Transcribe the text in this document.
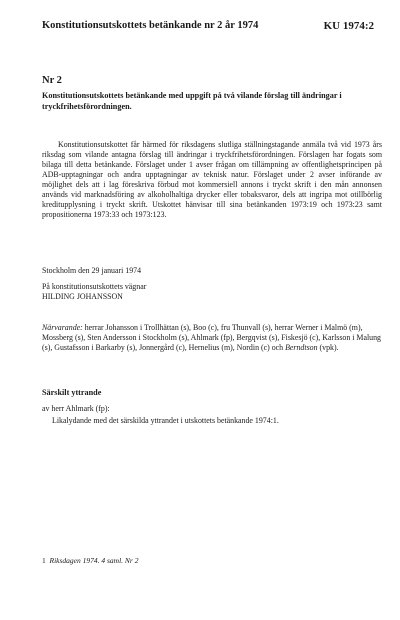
Konstitutionsutskottets betänkande nr 2 år 1974	KU 1974:2
Nr 2
Konstitutionsutskottets betänkande med uppgift på två vilande förslag till ändringar i tryckfrihetsförordningen.

Konstitutionsutskottet får härmed för riksdagens slutliga ställningstagande anmäla två vid 1973 års riksdag som vilande antagna förslag till ändringar i tryckfrihetsförordningen. Förslagen har fogats som bilaga till detta betänkande. Förslaget under 1 avser frågan om tillämpning av offentlighetsprincipen på ADB-upptagningar och andra upptagningar av teknisk natur. Förslaget under 2 avser införande av möjlighet dels att i lag föreskriva förbud mot kommersiell annons i tryckt skrift i den mån annonsen används vid marknadsföring av alkoholhaltiga drycker eller tobaksvaror, dels att ingripa mot otillbörlig kreditupplysning i tryckt skrift. Utskottet hänvisar till sina betänkanden 1973:19 och 1973:23 samt propositionerna 1973:33 och 1973:123.

Stockholm den 29 januari 1974
På konstitutionsutskottets vägnar
HILDING JOHANSSON
Närvarande: herrar Johansson i Trollhättan (s), Boo (c), fru Thunvall (s), herrar Werner i Malmö (m), Mossberg (s), Sten Andersson i Stockholm (s), Ahlmark (fp), Bergqvist (s), Fiskesjö (c), Karlsson i Malung (s), Gustafsson i Barkarby (s), Jonnergård (c), Hernelius (m), Nordin (c) och Berndtson (vpk).
Särskilt yttrande
av herr Ahlmark (fp):

Likalydande med det särskilda yttrandet i utskottets betänkande 1974:1.

1 Riksdagen 1974. 4 saml. Nr 2
